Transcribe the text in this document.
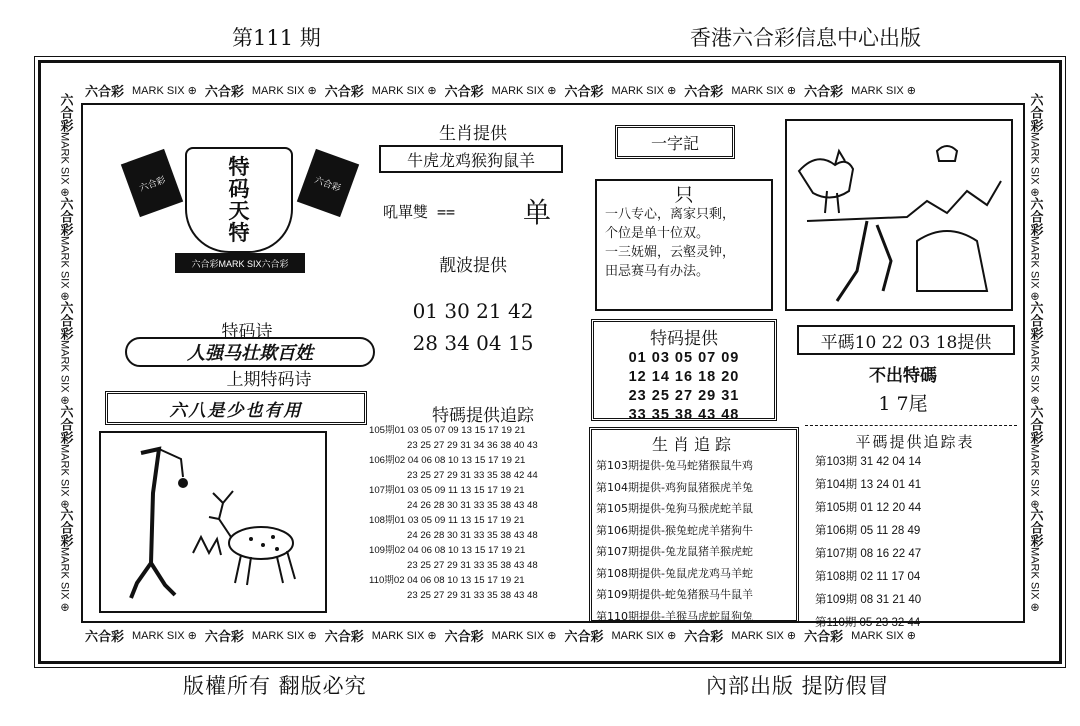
第111 期	香港六合彩信息中心出版
六合彩 MARK SIX ⊕ 六合彩 MARK SIX ⊕ 六合彩 MARK SIX ⊕ 六合彩 MARK SIX ⊕ 六合彩 MARK SIX ⊕ 六合彩 MARK SIX ⊕ 六合彩 MARK SIX ⊕
六合彩 MARK SIX ⊕ 六合彩 MARK SIX ⊕ 六合彩 MARK SIX ⊕ 六合彩 MARK SIX ⊕ 六合彩 MARK SIX ⊕ 六合彩 MARK SIX ⊕ 六合彩 MARK SIX ⊕
六合彩
MARK SIX ⊕
六合彩
MARK SIX ⊕
六合彩
MARK SIX ⊕
六合彩
MARK SIX ⊕
六合彩
MARK SIX ⊕
六合彩
MARK SIX ⊕
六合彩
MARK SIX ⊕
六合彩
MARK SIX ⊕
六合彩
MARK SIX ⊕
六合彩
MARK SIX ⊕
六合彩
特
码
天
特
六合彩
六合彩MARK SIX六合彩
特码诗
人强马壮欺百姓
上期特码诗
六八是少也有用
生肖提供
牛虎龙鸡猴狗鼠羊
吼單雙 == 单
靓波提供
01 30 21 42
28 34 04 15
特碼提供追踪
105期01 03 05 07 09 13 15 17 19 21
23 25 27 29 31 34 36 38 40 43
106期02 04 06 08 10 13 15 17 19 21
23 25 27 29 31 33 35 38 42 44
107期01 03 05 09 11 13 15 17 19 21
24 26 28 30 31 33 35 38 43 48
108期01 03 05 09 11 13 15 17 19 21
24 26 28 30 31 33 35 38 43 48
109期02 04 06 08 10 13 15 17 19 21
23 25 27 29 31 33 35 38 43 48
110期02 04 06 08 10 13 15 17 19 21
23 25 27 29 31 33 35 38 43 48
一字記
只
一八专心，离家只剩，
个位是单十位双。
一三妩媚，云壑灵钟，
田忌赛马有办法。
特码提供
01 03 05 07 09
12 14 16 18 20
23 25 27 29 31
33 35 38 43 48
平碼10 22 03 18提供
不出特碼
1 7尾
生肖追踪
第103期提供-兔马蛇猪猴鼠牛鸡
第104期提供-鸡狗鼠猪猴虎羊兔
第105期提供-兔狗马猴虎蛇羊鼠
第106期提供-猴兔蛇虎羊猪狗牛
第107期提供-兔龙鼠猪羊猴虎蛇
第108期提供-兔鼠虎龙鸡马羊蛇
第109期提供-蛇兔猪猴马牛鼠羊
第110期提供-羊猴马虎蛇鼠狗兔
平碼提供追踪表
第103期 31 42 04 14
第104期 13 24 01 41
第105期 01 12 20 44
第106期 05 11 28 49
第107期 08 16 22 47
第108期 02 11 17 04
第109期 08 31 21 40
第110期 05 23 32 44
版權所有 翻版必究	內部出版 提防假冒
